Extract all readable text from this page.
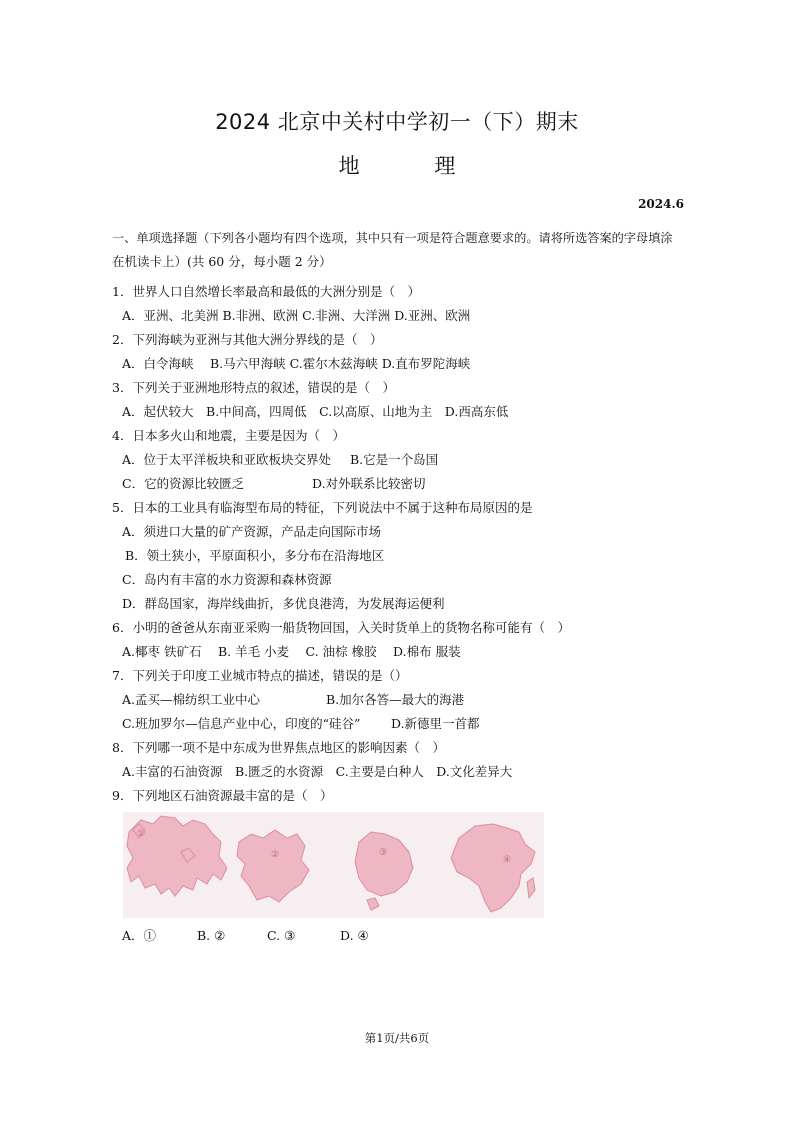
2024 北京中关村中学初一（下）期末
地 理
2024.6
一、单项选择题（下列各小题均有四个选项，其中只有一项是符合题意要求的。请将所选答案的字母填涂
在机读卡上）(共 60 分，每小题 2 分）
1．世界人口自然增长率最高和最低的大洲分别是（　）
A．亚洲、北美洲 B.非洲、欧洲 C.非洲、大洋洲 D.亚洲、欧洲
2．下列海峡为亚洲与其他大洲分界线的是（　）
A．白令海峡　 B.马六甲海峡 C.霍尔木兹海峡 D.直布罗陀海峡
3．下列关于亚洲地形特点的叙述，错误的是（　）
A．起伏较大　B.中间高，四周低　C.以高原、山地为主　D.西高东低
4．日本多火山和地震，主要是因为（　）
A．位于太平洋板块和亚欧板块交界处 B.它是一个岛国
C．它的资源比较匮乏	D.对外联系比较密切
5．日本的工业具有临海型布局的特征，下列说法中不属于这种布局原因的是
A．须进口大量的矿产资源，产品走向国际市场
B．领土狭小，平原面积小，多分布在沿海地区
C．岛内有丰富的水力资源和森林资源
D．群岛国家，海岸线曲折，多优良港湾，为发展海运便利
6．小明的爸爸从东南亚采购一船货物回国，入关时货单上的货物名称可能有（　）
A.椰枣 铁矿石　 B. 羊毛 小麦　 C. 油棕 橡胶　 D.棉布 服装
7．下列关于印度工业城市特点的描述，错误的是（）
A.孟买—棉纺织工业中心	B.加尔各答—最大的海港
C.班加罗尔—信息产业中心，印度的“硅谷” D.新德里一首都
8．下列哪一项不是中东成为世界焦点地区的影响因素（　）
A.丰富的石油资源　B.匮乏的水资源　C.主要是白种人　D.文化差异大
9．下列地区石油资源最丰富的是（　）
①
②	③
④
A．①	B. ②	C. ③	D. ④
第1页/共6页
